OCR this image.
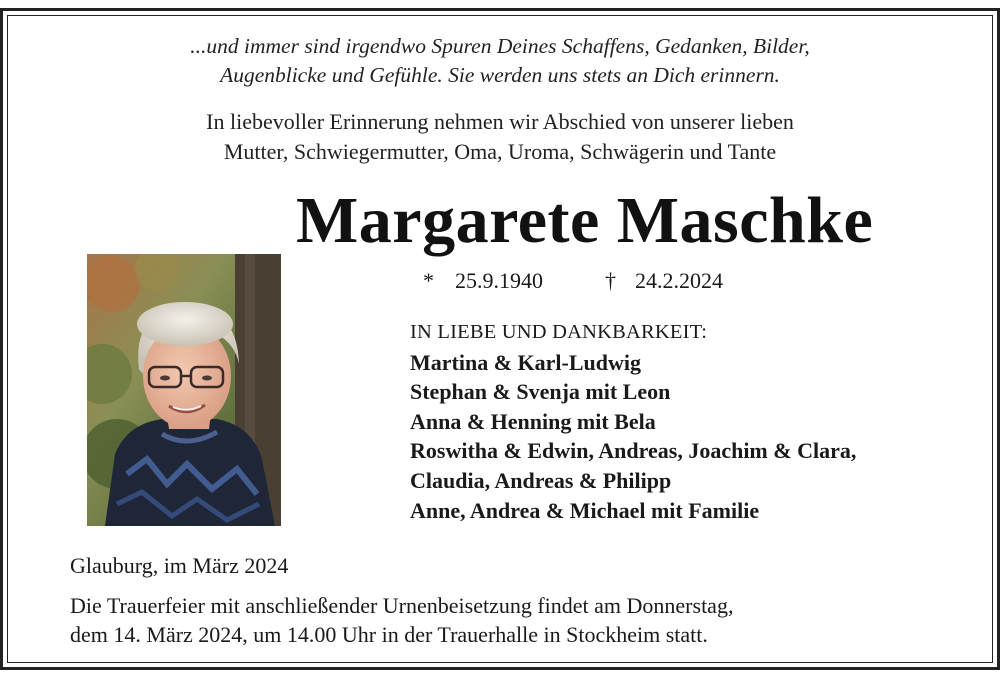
...und immer sind irgendwo Spuren Deines Schaffens, Gedanken, Bilder,
Augenblicke und Gefühle. Sie werden uns stets an Dich erinnern.
In liebevoller Erinnerung nehmen wir Abschied von unserer lieben
Mutter, Schwiegermutter, Oma, Uroma, Schwägerin und Tante
Margarete Maschke
* 25.9.1940	† 24.2.2024
IN LIEBE UND DANKBARKEIT:
Martina & Karl-Ludwig
Stephan & Svenja mit Leon
Anna & Henning mit Bela
Roswitha & Edwin, Andreas, Joachim & Clara,
Claudia, Andreas & Philipp
Anne, Andrea & Michael mit Familie
Glauburg, im März 2024
Die Trauerfeier mit anschließender Urnenbeisetzung findet am Donnerstag,
dem 14. März 2024, um 14.00 Uhr in der Trauerhalle in Stockheim statt.
